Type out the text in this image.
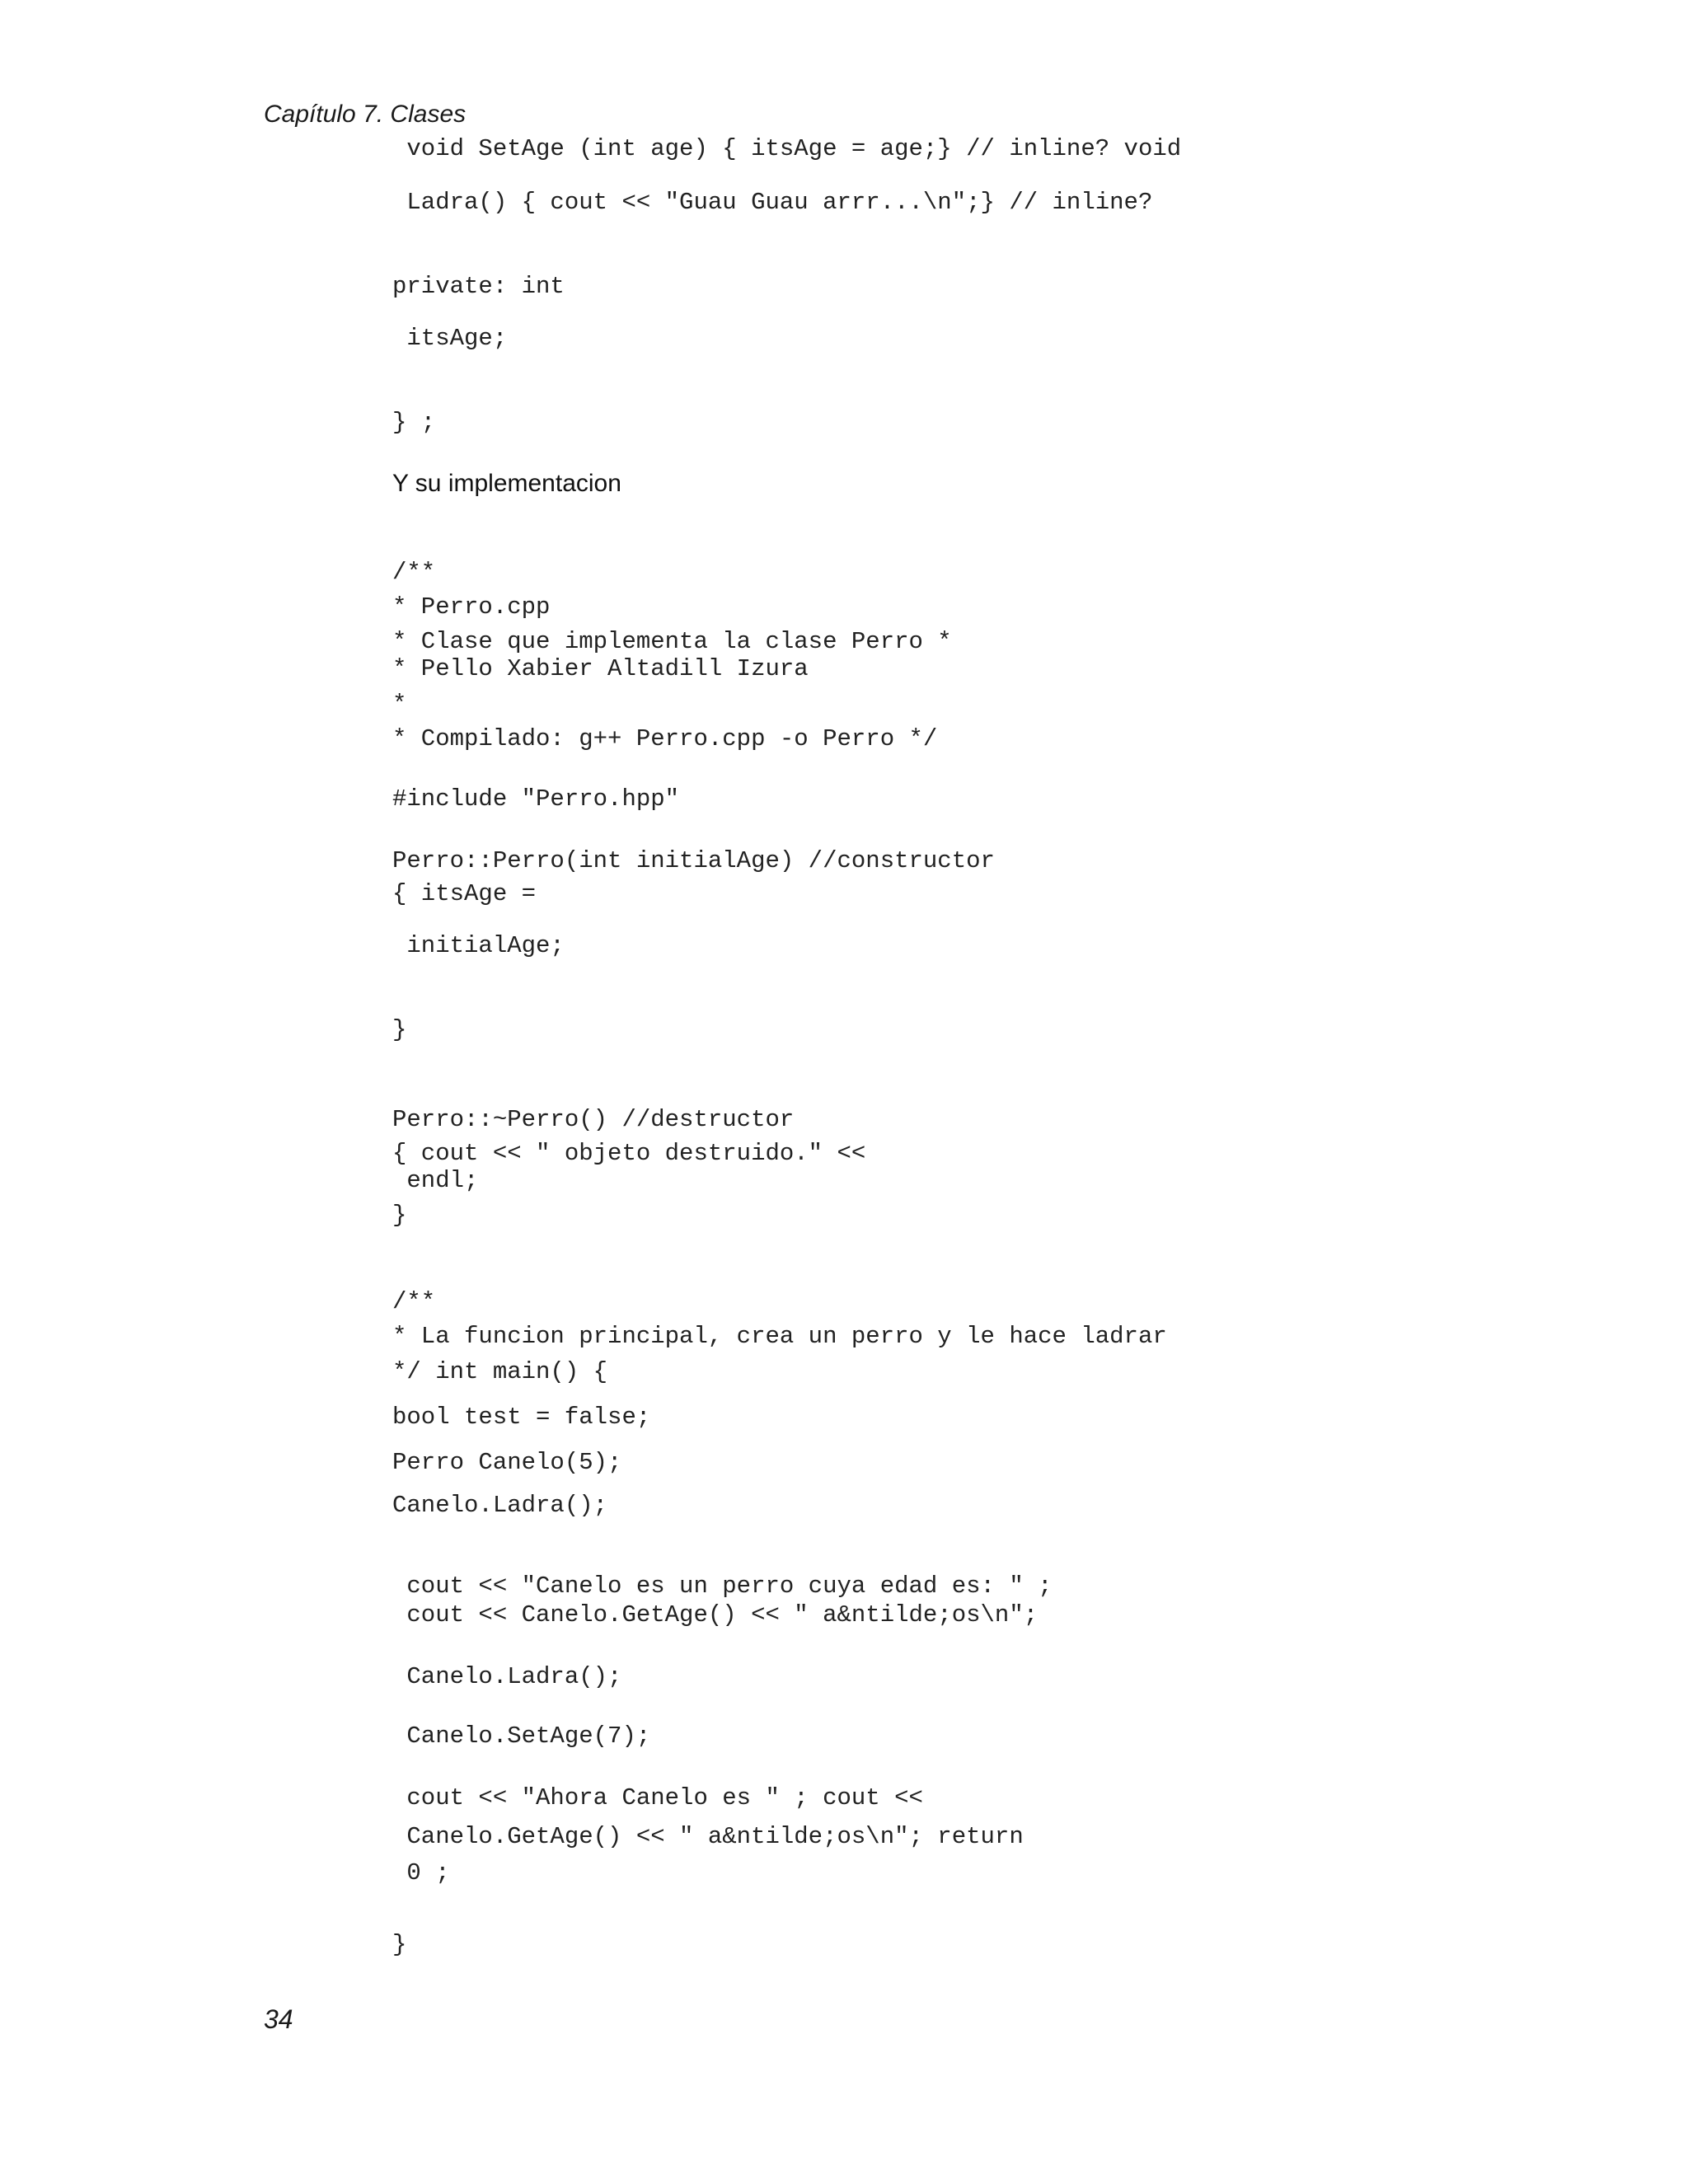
Capítulo 7. Clases
void SetAge (int age) { itsAge = age;} // inline? void
Ladra() { cout << "Guau Guau arrr...\n";} // inline?
private: int
itsAge;
} ;
Y su implementacion
/**
* Perro.cpp
* Clase que implementa la clase Perro *
* Pello Xabier Altadill Izura
*
* Compilado: g++ Perro.cpp -o Perro */
#include "Perro.hpp"
Perro::Perro(int initialAge) //constructor
{ itsAge =
initialAge;
}
Perro::~Perro() //destructor
{ cout << " objeto destruido." <<
endl;
}
/**
* La funcion principal, crea un perro y le hace ladrar
*/ int main() {
bool test = false;
Perro Canelo(5);
Canelo.Ladra();
cout << "Canelo es un perro cuya edad es: " ;
cout << Canelo.GetAge() << " a&ntilde;os\n";
Canelo.Ladra();
Canelo.SetAge(7);
cout << "Ahora Canelo es " ; cout <<
Canelo.GetAge() << " a&ntilde;os\n"; return
0 ;
}
34
